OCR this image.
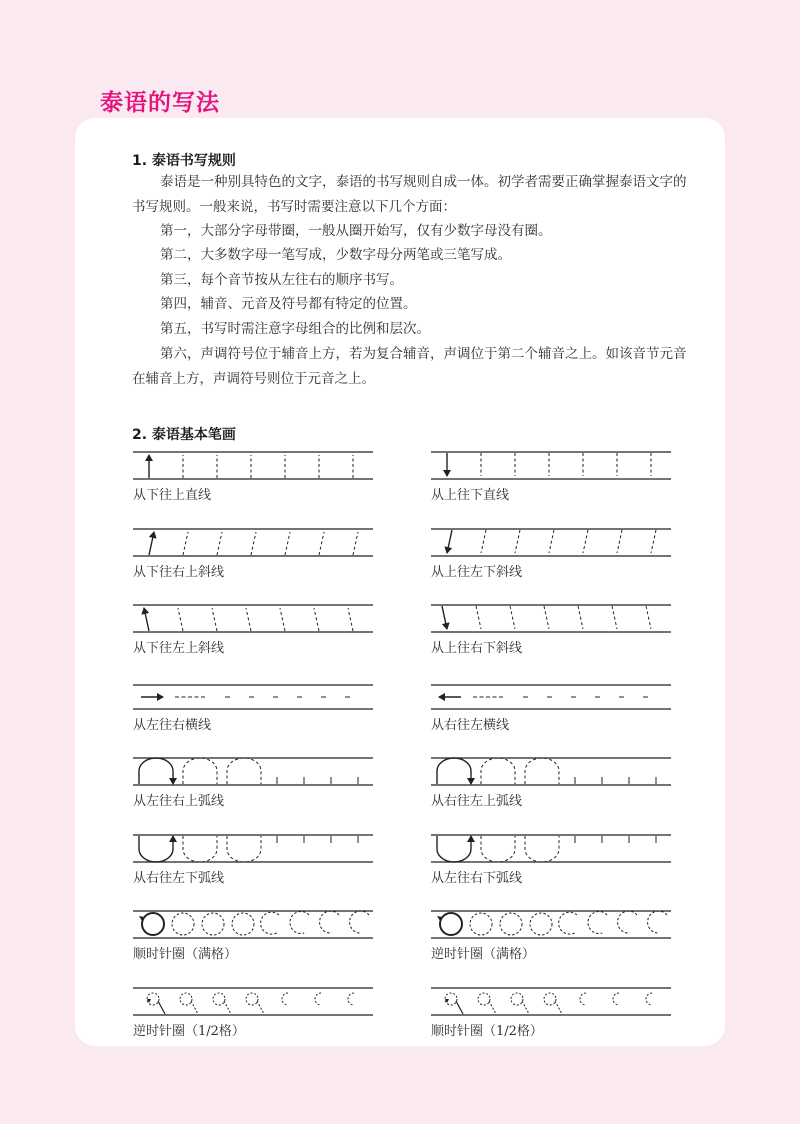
泰语的写法
1. 泰语书写规则

泰语是一种别具特色的文字，泰语的书写规则自成一体。初学者需要正确掌握泰语文字的书写规则。一般来说，书写时需要注意以下几个方面：

第一，大部分字母带圈，一般从圈开始写，仅有少数字母没有圈。

第二，大多数字母一笔写成，少数字母分两笔或三笔写成。

第三，每个音节按从左往右的顺序书写。

第四，辅音、元音及符号都有特定的位置。

第五，书写时需注意字母组合的比例和层次。

第六，声调符号位于辅音上方，若为复合辅音，声调位于第二个辅音之上。如该音节元音在辅音上方，声调符号则位于元音之上。

2. 泰语基本笔画
从下往上直线	从上往下直线
从下往右上斜线	从上往左下斜线
从下往左上斜线	从上往右下斜线
从左往右横线	从右往左横线
从左往右上弧线	从右往左上弧线
从右往左下弧线	从左往右下弧线
顺时针圈（满格）	逆时针圈（满格）
逆时针圈（1/2格）	顺时针圈（1/2格）
